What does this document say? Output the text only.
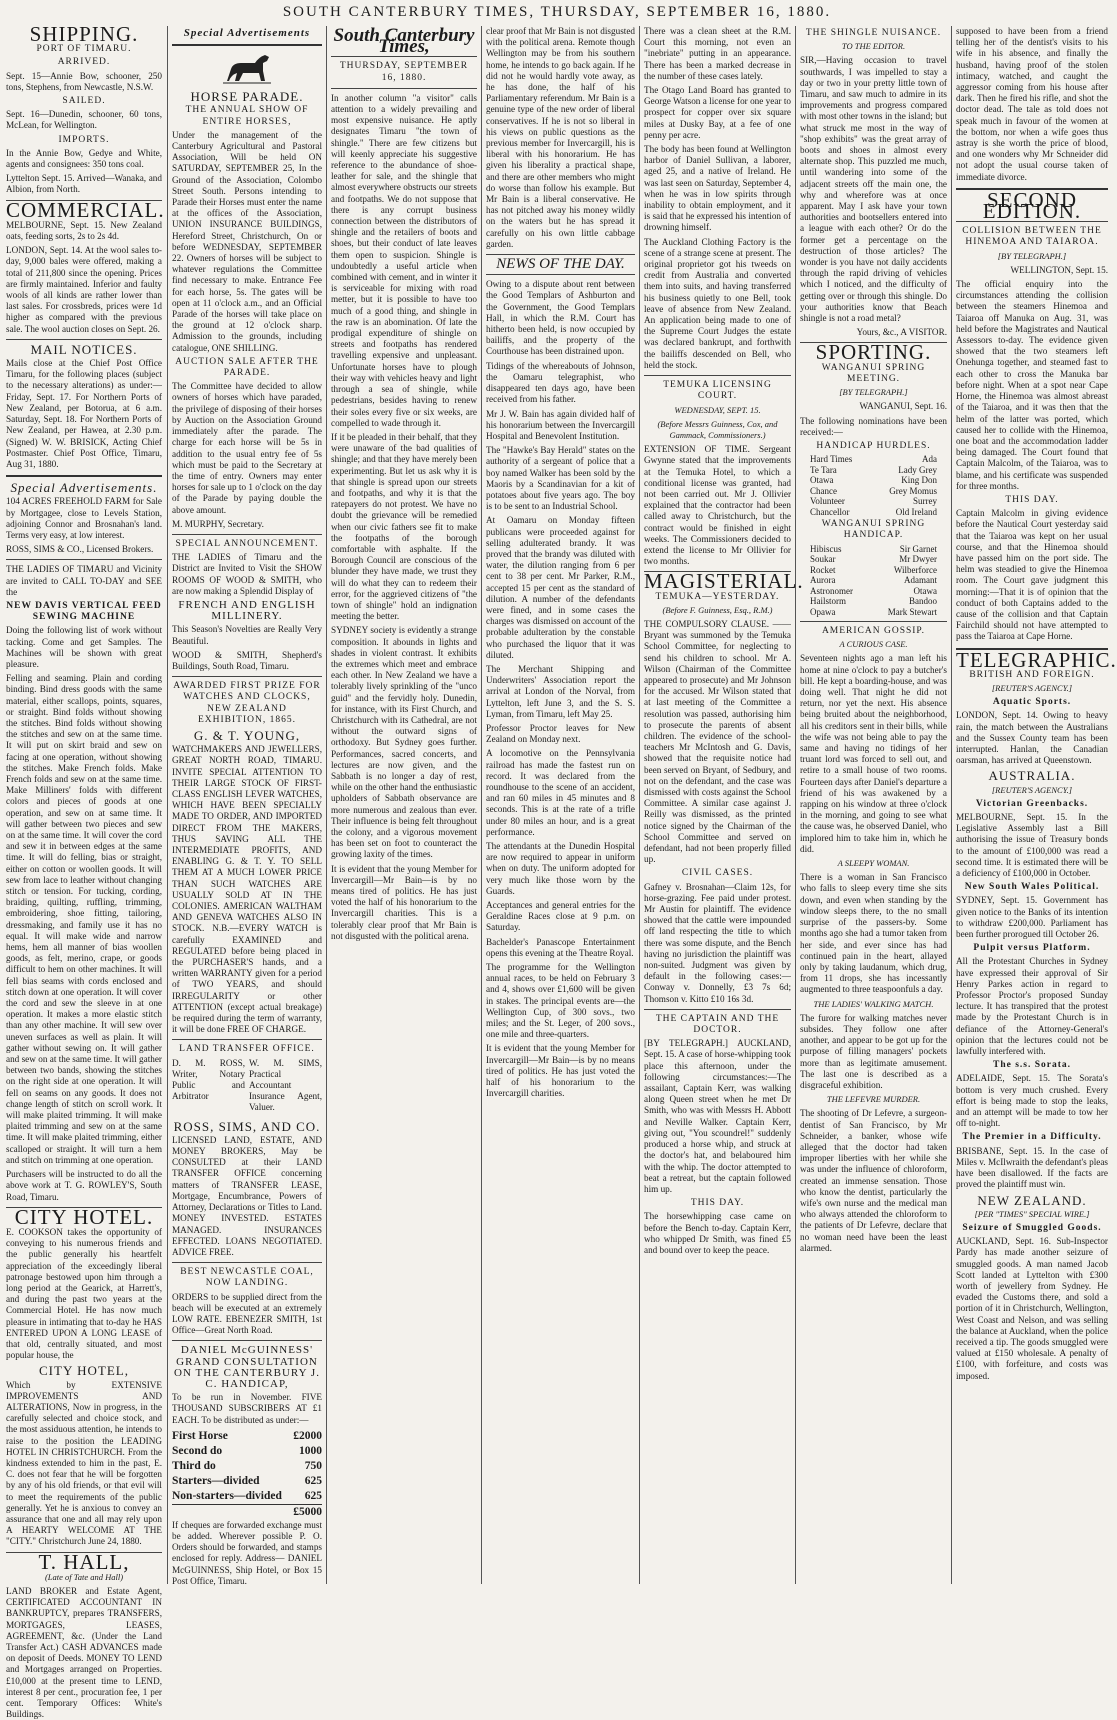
SOUTH CANTERBURY TIMES, THURSDAY, SEPTEMBER 16, 1880.
SHIPPING.
PORT OF TIMARU.
ARRIVED.

Sept. 15—Annie Bow, schooner, 250 tons, Stephens, from Newcastle, N.S.W.

SAILED.

Sept. 16—Dunedin, schooner, 60 tons, McLean, for Wellington.

IMPORTS.

In the Annie Bow, Gedye and White, agents and consignees: 350 tons coal.

Lyttelton Sept. 15. Arrived—Wanaka, and Albion, from North.

COMMERCIAL.

MELBOURNE, Sept. 15. New Zealand oats, feeding sorts, 2s to 2s 4d.

LONDON, Sept. 14. At the wool sales to-day, 9,000 bales were offered, making a total of 211,800 since the opening. Prices are firmly maintained. Inferior and faulty wools of all kinds are rather lower than last sales. For crossbreds, prices were 1d higher as compared with the previous sale. The wool auction closes on Sept. 26.

MAIL NOTICES.

Mails close at the Chief Post Office Timaru, for the following places (subject to the necessary alterations) as under:— Friday, Sept. 17. For Northern Ports of New Zealand, per Botorua, at 6 a.m. Saturday, Sept. 18. For Northern Ports of New Zealand, per Hawea, at 2.30 p.m. (Signed) W. W. BRISICK, Acting Chief Postmaster. Chief Post Office, Timaru, Aug 31, 1880.

Special Advertisements.

104 ACRES FREEHOLD FARM for Sale by Mortgagee, close to Levels Station, adjoining Connor and Brosnahan's land. Terms very easy, at low interest.

ROSS, SIMS & CO., Licensed Brokers.

THE LADIES OF TIMARU and Vicinity are invited to CALL TO-DAY and SEE the

NEW DAVIS VERTICAL FEED SEWING MACHINE

Doing the following list of work without tacking. Come and get Samples. The Machines will be shown with great pleasure.

Felling and seaming. Plain and cording binding. Bind dress goods with the same material, either scallops, points, squares, or straight. Bind folds without showing the stitches. Bind folds without showing the stitches and sew on at the same time. It will put on skirt braid and sew on facing at one operation, without showing the stitches. Make French folds. Make French folds and sew on at the same time. Make Milliners' folds with different colors and pieces of goods at one operation, and sew on at same time. It will gather between two pieces and sew on at the same time. It will cover the cord and sew it in between edges at the same time. It will do felling, bias or straight, either on cotton or woollen goods. It will sew from lace to leather without changing stitch or tension. For tucking, cording, braiding, quilting, ruffling, trimming, embroidering, shoe fitting, tailoring, dressmaking, and family use it has no equal. It will make wide and narrow hems, hem all manner of bias woollen goods, as felt, merino, crape, or goods difficult to hem on other machines. It will fell bias seams with cords enclosed and stitch down at one operation. It will cover the cord and sew the sleeve in at one operation. It makes a more elastic stitch than any other machine. It will sew over uneven surfaces as well as plain. It will gather without sewing on. It will gather and sew on at the same time. It will gather between two bands, showing the stitches on the right side at one operation. It will fell on seams on any goods. It does not change length of stitch on scroll work. It will make plaited trimming. It will make plaited trimming and sew on at the same time. It will make plaited trimming, either scalloped or straight. It will turn a hem and stitch on trimming at one operation.

Purchasers will be instructed to do all the above work at T. G. ROWLEY'S, South Road, Timaru.

CITY HOTEL.

E. COOKSON takes the opportunity of conveying to his numerous friends and the public generally his heartfelt appreciation of the exceedingly liberal patronage bestowed upon him through a long period at the Gearick, at Harrett's, and during the past two years at the Commercial Hotel. He has now much pleasure in intimating that to-day he HAS ENTERED UPON A LONG LEASE of that old, centrally situated, and most popular house, the

CITY HOTEL,

Which by EXTENSIVE IMPROVEMENTS AND ALTERATIONS, Now in progress, in the carefully selected and choice stock, and the most assiduous attention, he intends to raise to the position the LEADING HOTEL IN CHRISTCHURCH. From the kindness extended to him in the past, E. C. does not fear that he will be forgotten by any of his old friends, or that evil will to meet the requirements of the public generally. Yet he is anxious to convey an assurance that one and all may rely upon A HEARTY WELCOME AT THE "CITY." Christchurch June 24, 1880.

T. HALL,
(Late of Tate and Hall)

LAND BROKER and Estate Agent, CERTIFICATED ACCOUNTANT IN BANKRUPTCY, prepares TRANSFERS, MORTGAGES, LEASES, AGREEMENT, &c. (Under the Land Transfer Act.) CASH ADVANCES made on deposit of Deeds. MONEY TO LEND and Mortgages arranged on Properties. £10,000 at the present time to LEND, interest 8 per cent., procuration fee, 1 per cent. Temporary Offices: White's Buildings.

Special Advertisements
HORSE PARADE.
THE ANNUAL SHOW OF ENTIRE HORSES,

Under the management of the Canterbury Agricultural and Pastoral Association, Will be held ON SATURDAY, SEPTEMBER 25, In the Ground of the Association, Colombo Street South. Persons intending to Parade their Horses must enter the name at the offices of the Association, UNION INSURANCE BUILDINGS, Hereford Street, Christchurch, On or before WEDNESDAY, SEPTEMBER 22. Owners of horses will be subject to whatever regulations the Committee find necessary to make. Entrance Fee for each horse, 5s. The gates will be open at 11 o'clock a.m., and an Official Parade of the horses will take place on the ground at 12 o'clock sharp. Admission to the grounds, including catalogue, ONE SHILLING.

AUCTION SALE AFTER THE PARADE.

The Committee have decided to allow owners of horses which have paraded, the privilege of disposing of their horses by Auction on the Association Ground immediately after the parade. The charge for each horse will be 5s in addition to the usual entry fee of 5s which must be paid to the Secretary at the time of entry. Owners may enter horses for sale up to 1 o'clock on the day of the Parade by paying double the above amount.

M. MURPHY, Secretary.

SPECIAL ANNOUNCEMENT.

THE LADIES of Timaru and the District are Invited to Visit the SHOW ROOMS OF WOOD & SMITH, who are now making a Splendid Display of

FRENCH AND ENGLISH MILLINERY.

This Season's Novelties are Really Very Beautiful.

WOOD & SMITH, Shepherd's Buildings, South Road, Timaru.

AWARDED FIRST PRIZE FOR WATCHES AND CLOCKS, NEW ZEALAND EXHIBITION, 1865.
G. & T. YOUNG,

WATCHMAKERS AND JEWELLERS, GREAT NORTH ROAD, TIMARU. INVITE SPECIAL ATTENTION TO THEIR LARGE STOCK OF FIRST-CLASS ENGLISH LEVER WATCHES, WHICH HAVE BEEN SPECIALLY MADE TO ORDER, AND IMPORTED DIRECT FROM THE MAKERS, THUS SAVING ALL THE INTERMEDIATE PROFITS, AND ENABLING G. & T. Y. TO SELL THEM AT A MUCH LOWER PRICE THAN SUCH WATCHES ARE USUALLY SOLD AT IN THE COLONIES. AMERICAN WALTHAM AND GENEVA WATCHES ALSO IN STOCK. N.B.—EVERY WATCH is carefully EXAMINED and REGULATED before being placed in the PURCHASER'S hands, and a written WARRANTY given for a period of TWO YEARS, and should IRREGULARITY or other ATTENTION (except actual breakage) be required during the term of warranty, it will be done FREE OF CHARGE.

LAND TRANSFER OFFICE.

D. M. ROSS, Writer, Notary Public and Arbitrator

W. M. SIMS, Practical Accountant Insurance Agent, Valuer.

ROSS, SIMS, AND CO.

LICENSED LAND, ESTATE, AND MONEY BROKERS, May be CONSULTED at their LAND TRANSFER OFFICE concerning matters of TRANSFER LEASE, Mortgage, Encumbrance, Powers of Attorney, Declarations or Titles to Land. MONEY INVESTED. ESTATES MANAGED. INSURANCES EFFECTED. LOANS NEGOTIATED. ADVICE FREE.

BEST NEWCASTLE COAL, NOW LANDING.

ORDERS to be supplied direct from the beach will be executed at an extremely LOW RATE. EBENEZER SMITH, 1st Office—Great North Road.

DANIEL McGUINNESS' GRAND CONSULTATION ON THE CANTERBURY J. C. HANDICAP,

To be run in November. FIVE THOUSAND SUBSCRIBERS AT £1 EACH. To be distributed as under:—

First Horse	£2000
Second do	1000
Third do	750
Starters—divided	625
Non-starters—divided 625
£5000

If cheques are forwarded exchange must be added. Wherever possible P. O. Orders should be forwarded, and stamps enclosed for reply. Address— DANIEL McGUINNESS, Ship Hotel, or Box 15 Post Office, Timaru.

South Canterbury Times,
THURSDAY, SEPTEMBER 16, 1880.

In another column "a visitor" calls attention to a widely prevailing and most expensive nuisance. He aptly designates Timaru "the town of shingle." There are few citizens but will keenly appreciate his suggestive reference to the abundance of shoe-leather for sale, and the shingle that almost everywhere obstructs our streets and footpaths. We do not suppose that there is any corrupt business connection between the distributors of shingle and the retailers of boots and shoes, but their conduct of late leaves them open to suspicion. Shingle is undoubtedly a useful article when combined with cement, and in winter it is serviceable for mixing with road metter, but it is possible to have too much of a good thing, and shingle in the raw is an abomination. Of late the prodigal expenditure of shingle on streets and footpaths has rendered travelling expensive and unpleasant. Unfortunate horses have to plough their way with vehicles heavy and light through a sea of shingle, while pedestrians, besides having to renew their soles every five or six weeks, are compelled to wade through it.

If it be pleaded in their behalf, that they were unaware of the bad qualities of shingle; and that they have merely been experimenting. But let us ask why it is that shingle is spread upon our streets and footpaths, and why it is that the ratepayers do not protest. We have no doubt the grievance will be remedied when our civic fathers see fit to make the footpaths of the borough comfortable with asphalte. If the Borough Council are conscious of the blunder they have made, we trust they will do what they can to redeem their error, for the aggrieved citizens of "the town of shingle" hold an indignation meeting the better.

SYDNEY society is evidently a strange composition. It abounds in lights and shades in violent contrast. It exhibits the extremes which meet and embrace each other. In New Zealand we have a tolerably lively sprinkling of the "unco guid" and the fervidly holy. Dunedin, for instance, with its First Church, and Christchurch with its Cathedral, are not without the outward signs of orthodoxy. But Sydney goes further. Performances, sacred concerts, and lectures are now given, and the Sabbath is no longer a day of rest, while on the other hand the enthusiastic upholders of Sabbath observance are more numerous and zealous than ever. Their influence is being felt throughout the colony, and a vigorous movement has been set on foot to counteract the growing laxity of the times.

It is evident that the young Member for Invercargill—Mr Bain—is by no means tired of politics. He has just voted the half of his honorarium to the Invercargill charities. This is a tolerably clear proof that Mr Bain is not disgusted with the political arena.

clear proof that Mr Bain is not disgusted with the political arena. Remote though Wellington may be from his southern home, he intends to go back again. If he did not he would hardly vote away, as he has done, the half of his Parliamentary referendum. Mr Bain is a genuine type of the new order of liberal conservatives. If he is not so liberal in his views on public questions as the previous member for Invercargill, his is liberal with his honorarium. He has given his liberality a practical shape, and there are other members who might do worse than follow his example. But Mr Bain is a liberal conservative. He has not pitched away his money wildly on the waters but he has spread it carefully on his own little cabbage garden.

NEWS OF THE DAY.

Owing to a dispute about rent between the Good Templars of Ashburton and the Government, the Good Templars Hall, in which the R.M. Court has hitherto been held, is now occupied by bailiffs, and the property of the Courthouse has been distrained upon.

Tidings of the whereabouts of Johnson, the Oamaru telegraphist, who disappeared ten days ago, have been received from his father.

Mr J. W. Bain has again divided half of his honorarium between the Invercargill Hospital and Benevolent Institution.

The "Hawke's Bay Herald" states on the authority of a sergeant of police that a boy named Walker has been sold by the Maoris by a Scandinavian for a kit of potatoes about five years ago. The boy is to be sent to an Industrial School.

At Oamaru on Monday fifteen publicans were proceeded against for selling adulterated brandy. It was proved that the brandy was diluted with water, the dilution ranging from 6 per cent to 38 per cent. Mr Parker, R.M., accepted 15 per cent as the standard of dilution. A number of the defendants were fined, and in some cases the charges was dismissed on account of the probable adulteration by the constable who purchased the liquor that it was diluted.

The Merchant Shipping and Underwriters' Association report the arrival at London of the Norval, from Lyttelton, left June 3, and the S. S. Lyman, from Timaru, left May 25.

Professor Proctor leaves for New Zealand on Monday next.

A locomotive on the Pennsylvania railroad has made the fastest run on record. It was declared from the roundhouse to the scene of an accident, and ran 60 miles in 45 minutes and 8 seconds. This is at the rate of a trifle under 80 miles an hour, and is a great performance.

The attendants at the Dunedin Hospital are now required to appear in uniform when on duty. The uniform adopted for very much like those worn by the Guards.

Acceptances and general entries for the Geraldine Races close at 9 p.m. on Saturday.

Bachelder's Panascope Entertainment opens this evening at the Theatre Royal.

The programme for the Wellington annual races, to be held on February 3 and 4, shows over £1,600 will be given in stakes. The principal events are—the Wellington Cup, of 300 sovs., two miles; and the St. Leger, of 200 sovs., one mile and three-quarters.

It is evident that the young Member for Invercargill—Mr Bain—is by no means tired of politics. He has just voted the half of his honorarium to the Invercargill charities.

There was a clean sheet at the R.M. Court this morning, not even an "inebriate" putting in an appearance. There has been a marked decrease in the number of these cases lately.

The Otago Land Board has granted to George Watson a license for one year to prospect for copper over six square miles at Dusky Bay, at a fee of one penny per acre.

The body has been found at Wellington harbor of Daniel Sullivan, a laborer, aged 25, and a native of Ireland. He was last seen on Saturday, September 4, when he was in low spirits through inability to obtain employment, and it is said that he expressed his intention of drowning himself.

The Auckland Clothing Factory is the scene of a strange scene at present. The original proprietor got his tweeds on credit from Australia and converted them into suits, and having transferred his business quietly to one Bell, took leave of absence from New Zealand. An application being made to one of the Supreme Court Judges the estate was declared bankrupt, and forthwith the bailiffs descended on Bell, who held the stock.

TEMUKA LICENSING COURT.
WEDNESDAY, SEPT. 15.
(Before Messrs Guinness, Cox, and Gammack, Commissioners.)

EXTENSION OF TIME. Sergeant Gwynne stated that the improvements at the Temuka Hotel, to which a conditional license was granted, had not been carried out. Mr J. Ollivier explained that the contractor had been called away to Christchurch, but the contract would be finished in eight weeks. The Commissioners decided to extend the license to Mr Ollivier for two months.

MAGISTERIAL.
TEMUKA—YESTERDAY.
(Before F. Guinness, Esq., R.M.)

THE COMPULSORY CLAUSE. —— Bryant was summoned by the Temuka School Committee, for neglecting to send his children to school. Mr A. Wilson (Chairman of the Committee appeared to prosecute) and Mr Johnson for the accused. Mr Wilson stated that at last meeting of the Committee a resolution was passed, authorising him to prosecute the parents of absent children. The evidence of the school-teachers Mr McIntosh and G. Davis, showed that the requisite notice had been served on Bryant, of Sedbury, and not on the defendant, and the case was dismissed with costs against the School Committee. A similar case against J. Reilly was dismissed, as the printed notice signed by the Chairman of the School Committee and served on defendant, had not been properly filled up.

CIVIL CASES.

Gafney v. Brosnahan—Claim 12s, for horse-grazing. Fee paid under protest. Mr Austin for plaintiff. The evidence showed that the cattle were impounded off land respecting the title to which there was some dispute, and the Bench having no jurisdiction the plaintiff was non-suited. Judgment was given by default in the following cases:— Conway v. Donnelly, £3 7s 6d; Thomson v. Kitto £10 16s 3d.

THE CAPTAIN AND THE DOCTOR.

[BY TELEGRAPH.] AUCKLAND, Sept. 15. A case of horse-whipping took place this afternoon, under the following circumstances:—The assailant, Captain Kerr, was walking along Queen street when he met Dr Smith, who was with Messrs H. Abbott and Neville Walker. Captain Kerr, giving out, "You scoundrel!" suddenly produced a horse whip, and struck at the doctor's hat, and belaboured him with the whip. The doctor attempted to beat a retreat, but the captain followed him up.

THIS DAY.

The horsewhipping case came on before the Bench to-day. Captain Kerr, who whipped Dr Smith, was fined £5 and bound over to keep the peace.

THE SHINGLE NUISANCE.
TO THE EDITOR.

SIR,—Having occasion to travel southwards, I was impelled to stay a day or two in your pretty little town of Timaru, and saw much to admire in its improvements and progress compared with most other towns in the island; but what struck me most in the way of "shop exhibits" was the great array of boots and shoes in almost every alternate shop. This puzzled me much, until wandering into some of the adjacent streets off the main one, the why and wherefore was at once apparent. May I ask have your town authorities and bootsellers entered into a league with each other? Or do the former get a percentage on the destruction of those articles? The wonder is you have not daily accidents through the rapid driving of vehicles which I noticed, and the difficulty of getting over or through this shingle. Do your authorities know that Beach shingle is not a road metal?

Yours, &c., A VISITOR.

SPORTING.
WANGANUI SPRING MEETING.
[BY TELEGRAPH.]

WANGANUI, Sept. 16.

The following nominations have been received:—

HANDICAP HURDLES.
Hard Times	Ada
Te Tara	Lady Grey
Otawa	King Don
Chance	Grey Momus
Volunteer	Surrey
Chancellor	Old Ireland
WANGANUI SPRING HANDICAP.
Hibiscus	Sir Garnet
Soukar	Mr Dwyer
Rocket	Wilberforce
Aurora	Adamant
Astronomer	Otawa
Hailstorm	Bandoo
Opawa	Mark Stewart
AMERICAN GOSSIP.
A CURIOUS CASE.

Seventeen nights ago a man left his home at nine o'clock to pay a butcher's bill. He kept a boarding-house, and was doing well. That night he did not return, nor yet the next. His absence being bruited about the neighborhood, all his creditors sent in their bills, while the wife was not being able to pay the same and having no tidings of her truant lord was forced to sell out, and retire to a small house of two rooms. Fourteen days after Daniel's departure a friend of his was awakened by a rapping on his window at three o'clock in the morning, and going to see what the cause was, he observed Daniel, who implored him to take him in, which he did.

A SLEEPY WOMAN.

There is a woman in San Francisco who falls to sleep every time she sits down, and even when standing by the window sleeps there, to the no small surprise of the passers-by. Some months ago she had a tumor taken from her side, and ever since has had continued pain in the heart, allayed only by taking laudanum, which drug, from 11 drops, she has incessantly augmented to three teaspoonfuls a day.

THE LADIES' WALKING MATCH.

The furore for walking matches never subsides. They follow one after another, and appear to be got up for the purpose of filling managers' pockets more than as legitimate amusement. The last one is described as a disgraceful exhibition.

THE LEFEVRE MURDER.

The shooting of Dr Lefevre, a surgeon-dentist of San Francisco, by Mr Schneider, a banker, whose wife alleged that the doctor had taken improper liberties with her while she was under the influence of chloroform, created an immense sensation. Those who know the dentist, particularly the wife's own nurse and the medical man who always attended the chloroform to the patients of Dr Lefevre, declare that no woman need have been the least alarmed.

supposed to have been from a friend telling her of the dentist's visits to his wife in his absence, and finally the husband, having proof of the stolen intimacy, watched, and caught the aggressor coming from his house after dark. Then he fired his rifle, and shot the doctor dead. The tale as told does not speak much in favour of the women at the bottom, nor when a wife goes thus astray is she worth the price of blood, and one wonders why Mr Schneider did not adopt the usual course taken of immediate divorce.

SECOND EDITION.
COLLISION BETWEEN THE HINEMOA AND TAIAROA.
[BY TELEGRAPH.]

WELLINGTON, Sept. 15.

The official enquiry into the circumstances attending the collision between the steamers Hinemoa and Taiaroa off Manuka on Aug. 31, was held before the Magistrates and Nautical Assessors to-day. The evidence given showed that the two steamers left Onehunga together, and steamed fast to each other to cross the Manuka bar before night. When at a spot near Cape Horne, the Hinemoa was almost abreast of the Taiaroa, and it was then that the helm of the latter was ported, which caused her to collide with the Hinemoa, one boat and the accommodation ladder being damaged. The Court found that Captain Malcolm, of the Taiaroa, was to blame, and his certificate was suspended for three months.

THIS DAY.

Captain Malcolm in giving evidence before the Nautical Court yesterday said that the Taiaroa was kept on her usual course, and that the Hinemoa should have passed him on the port side. The helm was steadied to give the Hinemoa room. The Court gave judgment this morning:—That it is of opinion that the conduct of both Captains added to the cause of the collision and that Captain Fairchild should not have attempted to pass the Taiaroa at Cape Horne.

TELEGRAPHIC.
BRITISH AND FOREIGN.
[REUTER'S AGENCY.]
Aquatic Sports.

LONDON, Sept. 14. Owing to heavy rain, the match between the Australians and the Sussex County team has been interrupted. Hanlan, the Canadian oarsman, has arrived at Queenstown.

AUSTRALIA.
[REUTER'S AGENCY.]
Victorian Greenbacks.

MELBOURNE, Sept. 15. In the Legislative Assembly last a Bill authorising the issue of Treasury bonds to the amount of £100,000 was read a second time. It is estimated there will be a deficiency of £100,000 in October.

New South Wales Political.

SYDNEY, Sept. 15. Government has given notice to the Banks of its intention to withdraw £200,000. Parliament has been further prorogued till October 26.

Pulpit versus Platform.

All the Protestant Churches in Sydney have expressed their approval of Sir Henry Parkes action in regard to Professor Proctor's proposed Sunday lecture. It has transpired that the protest made by the Protestant Church is in defiance of the Attorney-General's opinion that the lectures could not be lawfully interfered with.

The s.s. Sorata.

ADELAIDE, Sept. 15. The Sorata's bottom is very much crushed. Every effort is being made to stop the leaks, and an attempt will be made to tow her off to-night.

The Premier in a Difficulty.

BRISBANE, Sept. 15. In the case of Miles v. McIlwraith the defendant's pleas have been disallowed. If the facts are proved the plaintiff must win.

NEW ZEALAND.
[PER "TIMES" SPECIAL WIRE.]
Seizure of Smuggled Goods.

AUCKLAND, Sept. 16. Sub-Inspector Pardy has made another seizure of smuggled goods. A man named Jacob Scott landed at Lyttelton with £300 worth of jewellery from Sydney. He evaded the Customs there, and sold a portion of it in Christchurch, Wellington, West Coast and Nelson, and was selling the balance at Auckland, when the police received a tip. The goods smuggled were valued at £150 wholesale. A penalty of £100, with forfeiture, and costs was imposed.
